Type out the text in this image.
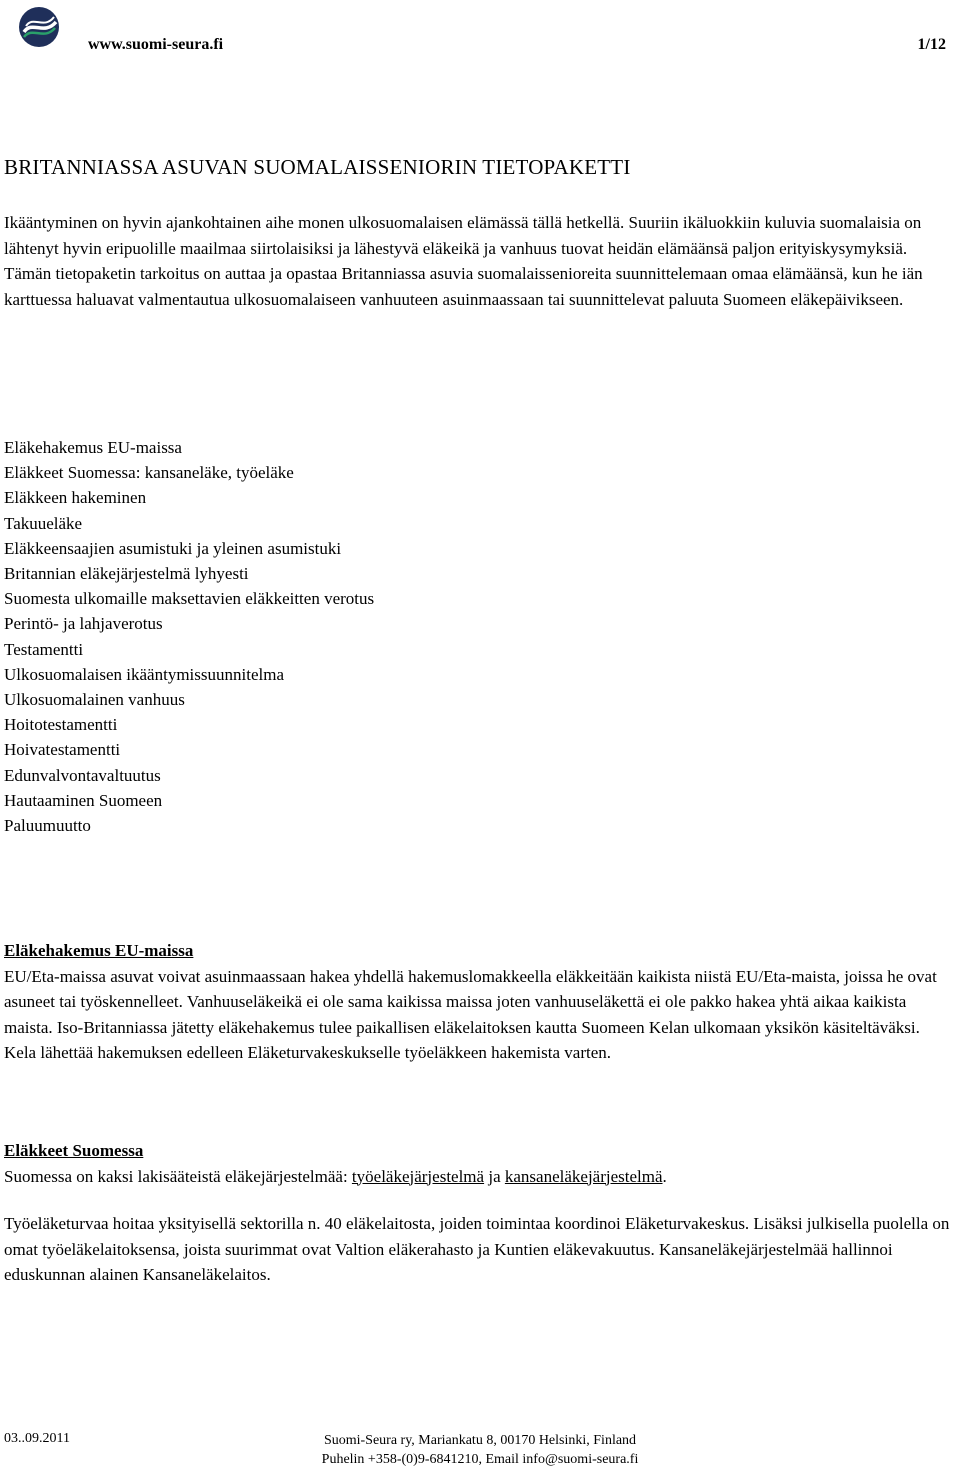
www.suomi-seura.fi	1/12
BRITANNIASSA ASUVAN SUOMALAISSENIORIN TIETOPAKETTI

Ikääntyminen on hyvin ajankohtainen aihe monen ulkosuomalaisen elämässä tällä hetkellä. Suuriin ikäluokkiin kuluvia suomalaisia on lähtenyt hyvin eripuolille maailmaa siirtolaisiksi ja lähestyvä eläkeikä ja vanhuus tuovat heidän elämäänsä paljon erityiskysymyksiä. Tämän tietopaketin tarkoitus on auttaa ja opastaa Britanniassa asuvia suomalaissenioreita suunnittelemaan omaa elämäänsä, kun he iän karttuessa haluavat valmentautua ulkosuomalaiseen vanhuuteen asuinmaassaan tai suunnittelevat paluuta Suomeen eläkepäivikseen.

Eläkehakemus EU-maissa
Eläkkeet Suomessa: kansaneläke, työeläke
Eläkkeen hakeminen
Takuueläke
Eläkkeensaajien asumistuki ja yleinen asumistuki
Britannian eläkejärjestelmä lyhyesti
Suomesta ulkomaille maksettavien eläkkeitten verotus
Perintö- ja lahjaverotus
Testamentti
Ulkosuomalaisen ikääntymissuunnitelma
Ulkosuomalainen vanhuus
Hoitotestamentti
Hoivatestamentti
Edunvalvontavaltuutus
Hautaaminen Suomeen
Paluumuutto
Eläkehakemus EU-maissa

EU/Eta-maissa asuvat voivat asuinmaassaan hakea yhdellä hakemuslomakkeella eläkkeitään kaikista niistä EU/Eta-maista, joissa he ovat asuneet tai työskennelleet. Vanhuuseläkeikä ei ole sama kaikissa maissa joten vanhuuseläkettä ei ole pakko hakea yhtä aikaa kaikista maista. Iso-Britanniassa jätetty eläkehakemus tulee paikallisen eläkelaitoksen kautta Suomeen Kelan ulkomaan yksikön käsiteltäväksi. Kela lähettää hakemuksen edelleen Eläketurvakeskukselle työeläkkeen hakemista varten.

Eläkkeet Suomessa

Suomessa on kaksi lakisääteistä eläkejärjestelmää: työeläkejärjestelmä ja kansaneläkejärjestelmä.

Työeläketurvaa hoitaa yksityisellä sektorilla n. 40 eläkelaitosta, joiden toimintaa koordinoi Eläketurvakeskus. Lisäksi julkisella puolella on omat työeläkelaitoksensa, joista suurimmat ovat Valtion eläkerahasto ja Kuntien eläkevakuutus. Kansaneläkejärjestelmää hallinnoi eduskunnan alainen Kansaneläkelaitos.

03..09.2011	Suomi-Seura ry, Mariankatu 8, 00170 Helsinki, Finland
Puhelin +358-(0)9-6841210, Email info@suomi-seura.fi
